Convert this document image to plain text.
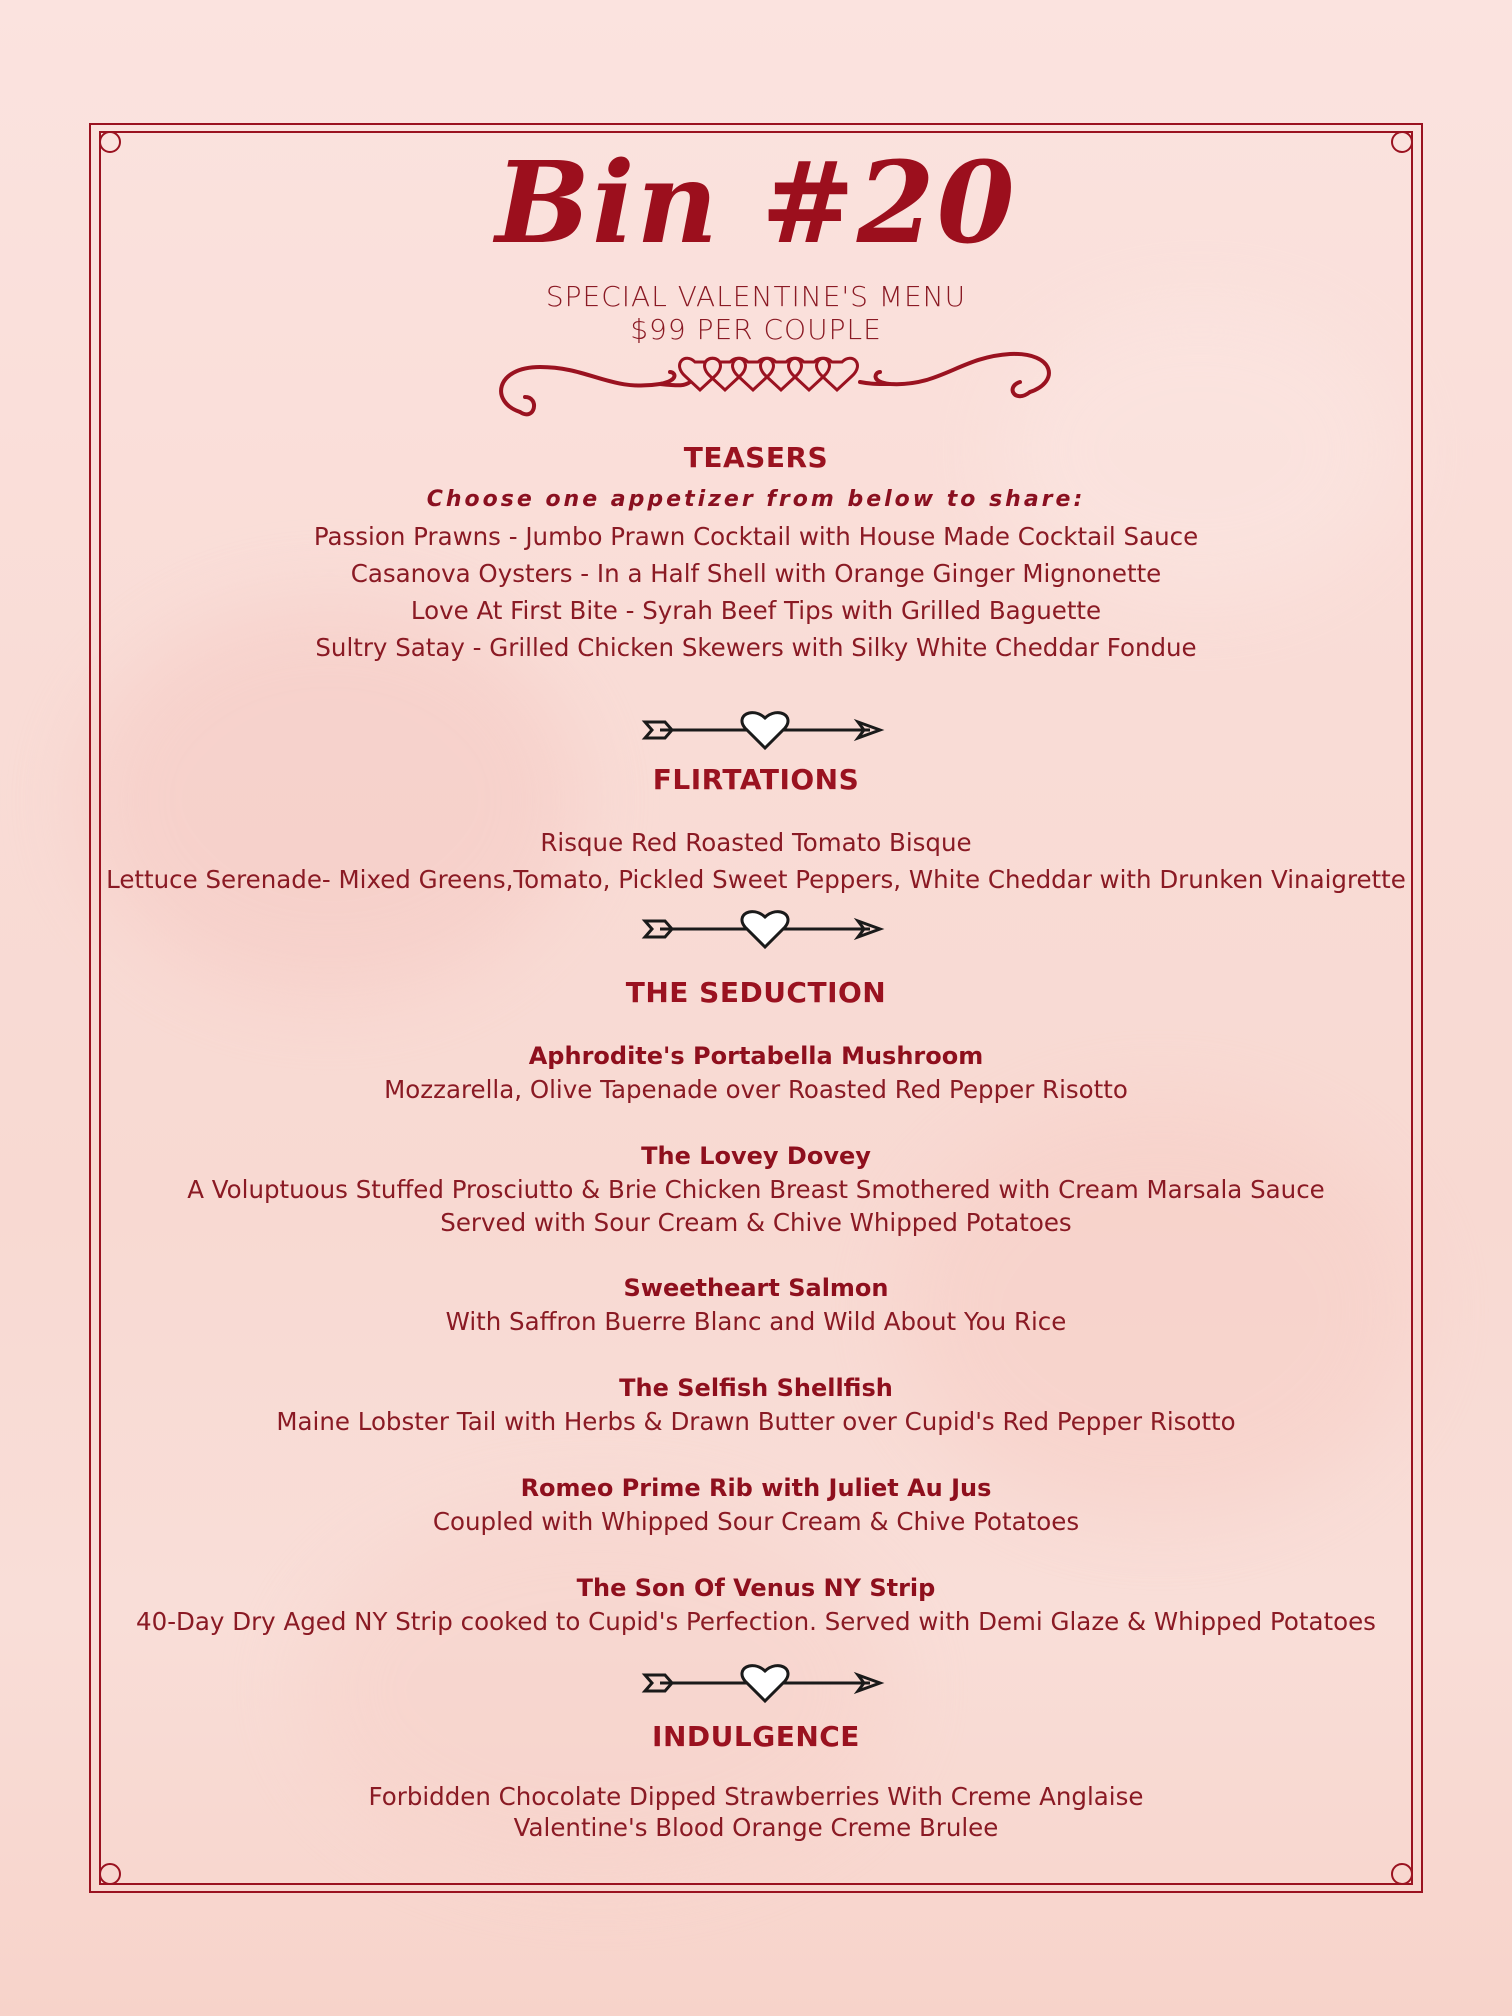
Bin #20
SPECIAL VALENTINE'S MENU
$99 PER COUPLE
TEASERS
Choose one appetizer from below to share:
Passion Prawns - Jumbo Prawn Cocktail with House Made Cocktail Sauce
Casanova Oysters - In a Half Shell with Orange Ginger Mignonette
Love At First Bite - Syrah Beef Tips with Grilled Baguette
Sultry Satay - Grilled Chicken Skewers with Silky White Cheddar Fondue
FLIRTATIONS
Risque Red Roasted Tomato Bisque
Lettuce Serenade- Mixed Greens,Tomato, Pickled Sweet Peppers, White Cheddar with Drunken Vinaigrette
THE SEDUCTION
Aphrodite's Portabella Mushroom
Mozzarella, Olive Tapenade over Roasted Red Pepper Risotto
The Lovey Dovey
A Voluptuous Stuffed Prosciutto & Brie Chicken Breast Smothered with Cream Marsala Sauce
Served with Sour Cream & Chive Whipped Potatoes
Sweetheart Salmon
With Saffron Buerre Blanc and Wild About You Rice
The Selfish Shellfish
Maine Lobster Tail with Herbs & Drawn Butter over Cupid's Red Pepper Risotto
Romeo Prime Rib with Juliet Au Jus
Coupled with Whipped Sour Cream & Chive Potatoes
The Son Of Venus NY Strip
40-Day Dry Aged NY Strip cooked to Cupid's Perfection. Served with Demi Glaze & Whipped Potatoes
INDULGENCE
Forbidden Chocolate Dipped Strawberries With Creme Anglaise
Valentine's Blood Orange Creme Brulee
